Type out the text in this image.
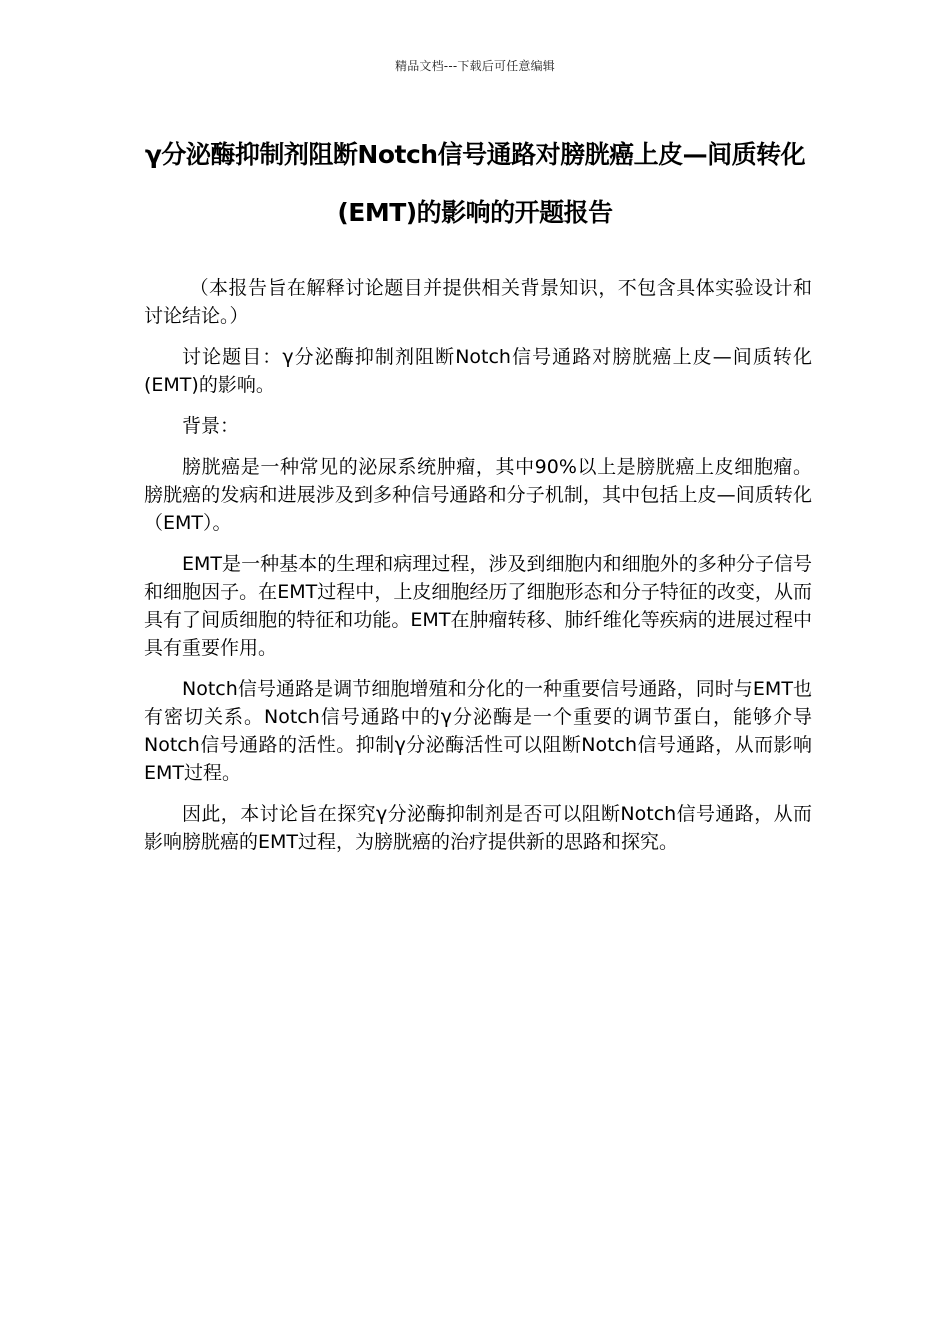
精品文档---下载后可任意编辑
γ分泌酶抑制剂阻断Notch信号通路对膀胱癌上皮—间质转化(EMT)的影响的开题报告

（本报告旨在解释讨论题目并提供相关背景知识，不包含具体实验设计和讨论结论。）

讨论题目：γ分泌酶抑制剂阻断Notch信号通路对膀胱癌上皮—间质转化(EMT)的影响。

背景：

膀胱癌是一种常见的泌尿系统肿瘤，其中90%以上是膀胱癌上皮细胞瘤。膀胱癌的发病和进展涉及到多种信号通路和分子机制，其中包括上皮—间质转化（EMT）。

EMT是一种基本的生理和病理过程，涉及到细胞内和细胞外的多种分子信号和细胞因子。在EMT过程中，上皮细胞经历了细胞形态和分子特征的改变，从而具有了间质细胞的特征和功能。EMT在肿瘤转移、肺纤维化等疾病的进展过程中具有重要作用。

Notch信号通路是调节细胞增殖和分化的一种重要信号通路，同时与EMT也有密切关系。Notch信号通路中的γ分泌酶是一个重要的调节蛋白，能够介导Notch信号通路的活性。抑制γ分泌酶活性可以阻断Notch信号通路，从而影响EMT过程。

因此，本讨论旨在探究γ分泌酶抑制剂是否可以阻断Notch信号通路，从而影响膀胱癌的EMT过程，为膀胱癌的治疗提供新的思路和探究。
